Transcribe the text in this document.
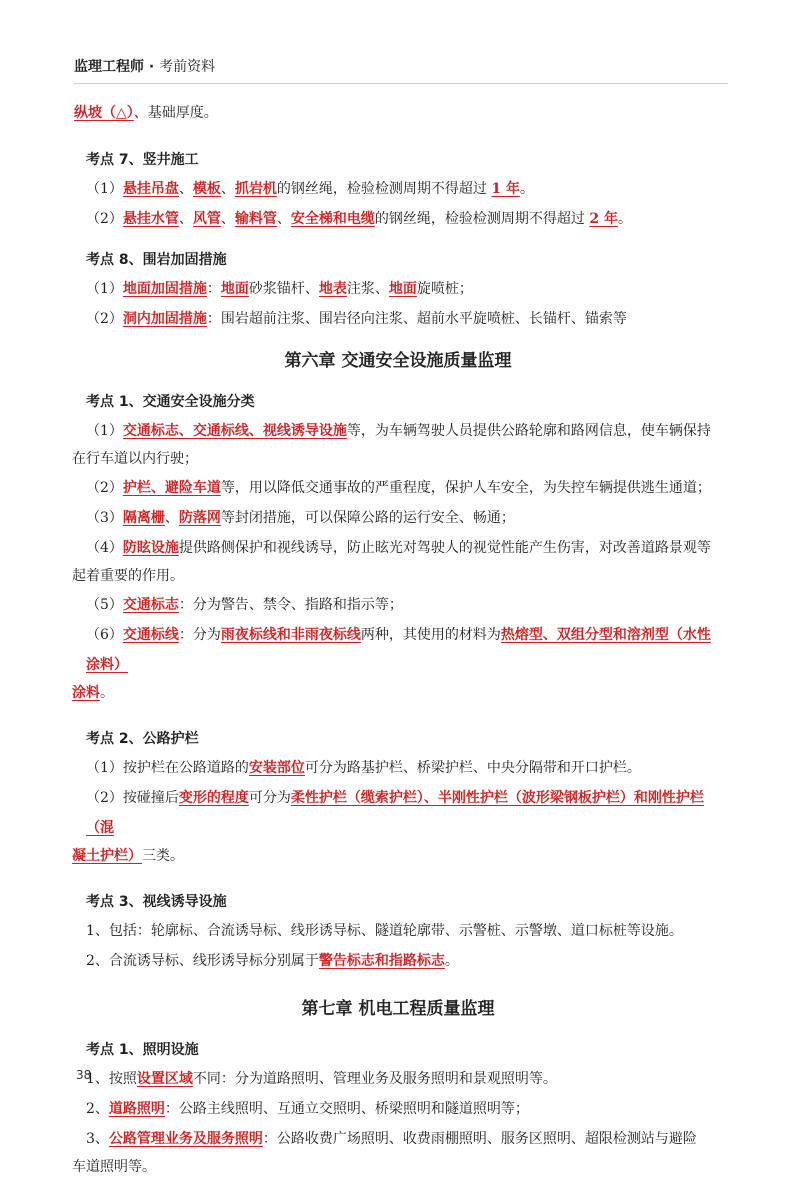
监理工程师 · 考前资料

纵坡（△）、基础厚度。

考点 7、竖井施工

（1）悬挂吊盘、模板、抓岩机的钢丝绳，检验检测周期不得超过 1 年。

（2）悬挂水管、风管、输料管、安全梯和电缆的钢丝绳，检验检测周期不得超过 2 年。

考点 8、围岩加固措施

（1）地面加固措施：地面砂浆锚杆、地表注浆、地面旋喷桩；

（2）洞内加固措施：围岩超前注浆、围岩径向注浆、超前水平旋喷桩、长锚杆、锚索等

第六章 交通安全设施质量监理

考点 1、交通安全设施分类

（1）交通标志、交通标线、视线诱导设施等，为车辆驾驶人员提供公路轮廓和路网信息，使车辆保持

在行车道以内行驶；

（2）护栏、避险车道等，用以降低交通事故的严重程度，保护人车安全，为失控车辆提供逃生通道；

（3）隔离栅、防落网等封闭措施，可以保障公路的运行安全、畅通；

（4）防眩设施提供路侧保护和视线诱导，防止眩光对驾驶人的视觉性能产生伤害，对改善道路景观等

起着重要的作用。

（5）交通标志：分为警告、禁令、指路和指示等；

（6）交通标线：分为雨夜标线和非雨夜标线两种，其使用的材料为热熔型、双组分型和溶剂型（水性涂料）

涂料。

考点 2、公路护栏

（1）按护栏在公路道路的安装部位可分为路基护栏、桥梁护栏、中央分隔带和开口护栏。

（2）按碰撞后变形的程度可分为柔性护栏（缆索护栏）、半刚性护栏（波形梁钢板护栏）和刚性护栏（混

凝土护栏）三类。

考点 3、视线诱导设施

1、包括：轮廓标、合流诱导标、线形诱导标、隧道轮廓带、示警桩、示警墩、道口标桩等设施。

2、合流诱导标、线形诱导标分别属于警告标志和指路标志。

第七章 机电工程质量监理

考点 1、照明设施

1、按照设置区域不同：分为道路照明、管理业务及服务照明和景观照明等。

2、道路照明：公路主线照明、互通立交照明、桥梁照明和隧道照明等；

3、公路管理业务及服务照明：公路收费广场照明、收费雨棚照明、服务区照明、超限检测站与避险

车道照明等。

38
